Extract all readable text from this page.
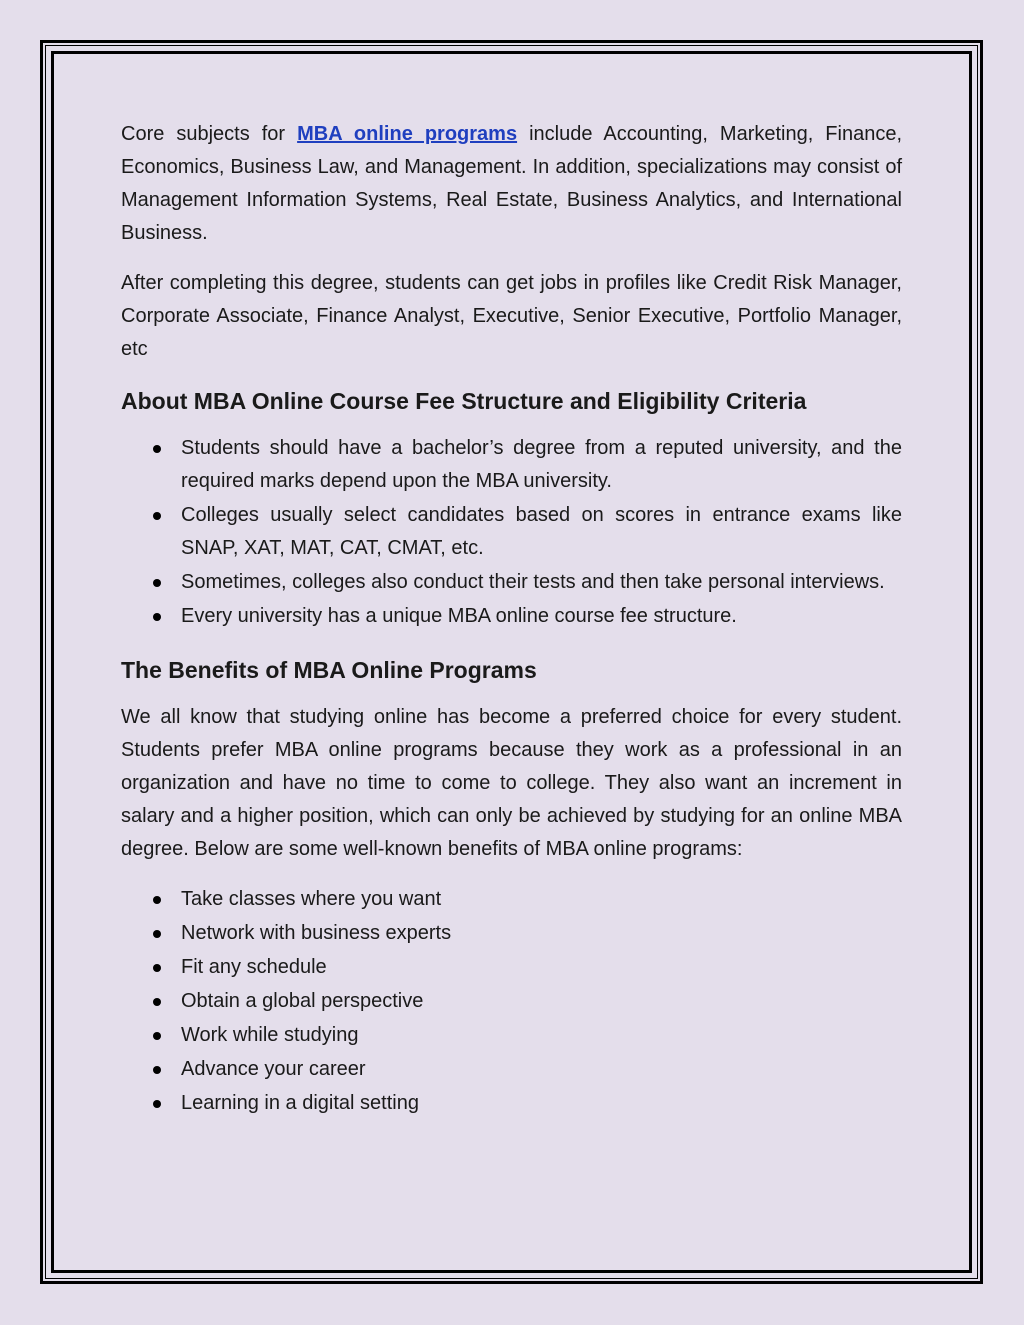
Core subjects for MBA online programs include Accounting, Marketing, Finance, Economics, Business Law, and Management. In addition, specializations may consist of Management Information Systems, Real Estate, Business Analytics, and International Business.

After completing this degree, students can get jobs in profiles like Credit Risk Manager, Corporate Associate, Finance Analyst, Executive, Senior Executive, Portfolio Manager, etc

About MBA Online Course Fee Structure and Eligibility Criteria
Students should have a bachelor’s degree from a reputed university, and the required marks depend upon the MBA university.
Colleges usually select candidates based on scores in entrance exams like SNAP, XAT, MAT, CAT, CMAT, etc.
Sometimes, colleges also conduct their tests and then take personal interviews.
Every university has a unique MBA online course fee structure.
The Benefits of MBA Online Programs

We all know that studying online has become a preferred choice for every student. Students prefer MBA online programs because they work as a professional in an organization and have no time to come to college. They also want an increment in salary and a higher position, which can only be achieved by studying for an online MBA degree. Below are some well-known benefits of MBA online programs:

Take classes where you want
Network with business experts
Fit any schedule
Obtain a global perspective
Work while studying
Advance your career
Learning in a digital setting
